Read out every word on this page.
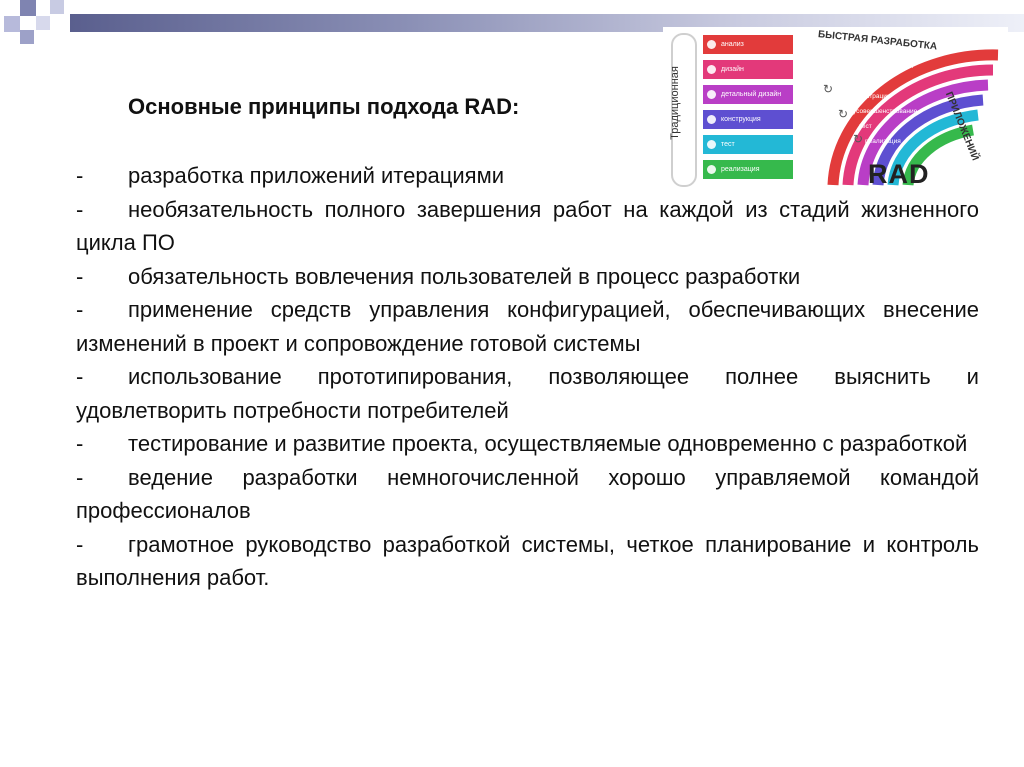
Основные принципы подхода RAD:	Традиционная
анализ
дизайн
детальный дизайн
конструкция
тест
реализация
БЫСТРАЯ РАЗРАБОТКА
ПРИЛОЖЕНИЙ
анализ и быстрый дизайн
конструкция
демонстрация
усовершенствование
тест
реализация
↻
↻
↻
RAD

- разработка приложений итерациями

- необязательность полного завершения работ на каждой из стадий жизненного цикла ПО

- обязательность вовлечения пользователей в процесс разработки

- применение средств управления конфигурацией, обеспечивающих внесение изменений в проект и сопровождение готовой системы

- использование прототипирования, позволяющее полнее выяснить и удовлетворить потребности потребителей

- тестирование и развитие проекта, осуществляемые одновременно с разработкой

- ведение разработки немногочисленной хорошо управляемой командой профессионалов

- грамотное руководство разработкой системы, четкое планирование и контроль выполнения работ.
